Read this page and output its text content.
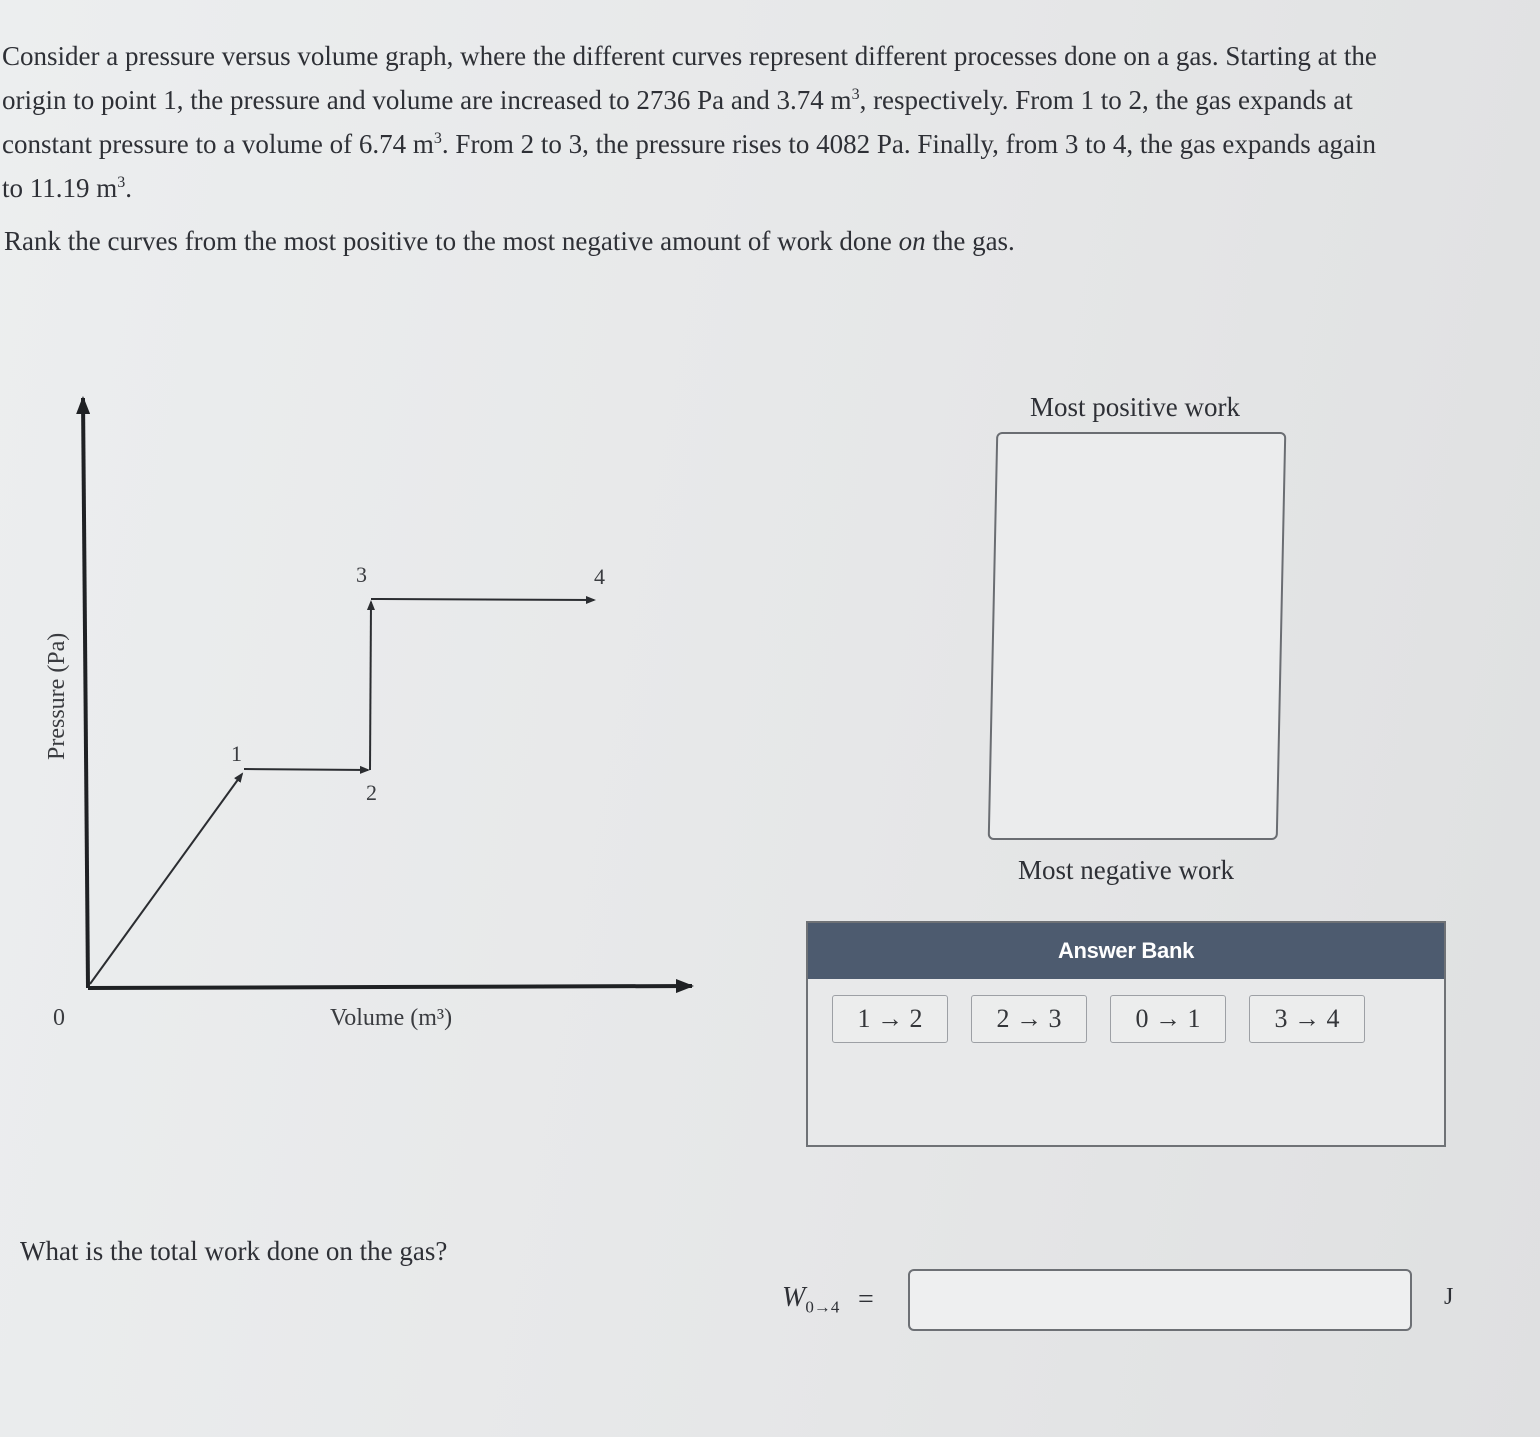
Consider a pressure versus volume graph, where the different curves represent different processes done on a gas. Starting at the
origin to point 1, the pressure and volume are increased to 2736 Pa and 3.74 $m^3$, respectively. From 1 to 2, the gas expands at
constant pressure to a volume of 6.74 $m^3$. From 2 to 3, the pressure rises to 4082 Pa. Finally, from 3 to 4, the gas expands again
to 11.19 $m^3$.
Rank the curves from the most positive to the most negative amount of work done on the gas.
Pressure (Pa)
Volume (m³)
0
1
2
3	4
Most positive work
Most negative work
Answer Bank
1 → 2	2 → 3	0 → 1	3 → 4
What is the total work done on the gas?
$W_{0\to 4}$ =	J
